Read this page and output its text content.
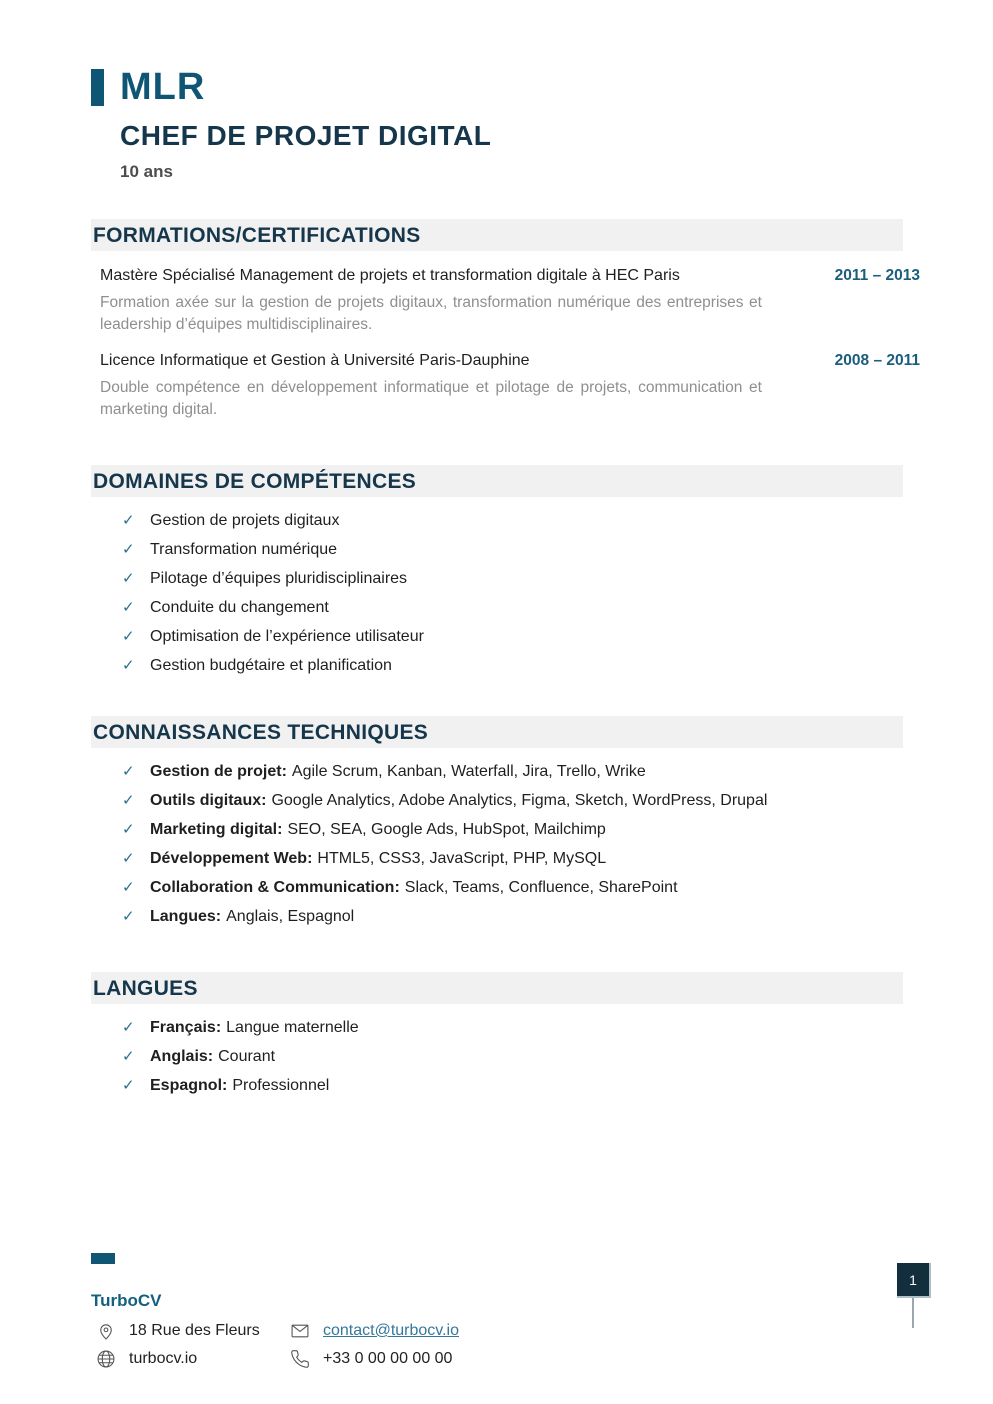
MLR
CHEF DE PROJET DIGITAL
10 ans
FORMATIONS/CERTIFICATIONS
Mastère Spécialisé Management de projets et transformation digitale à HEC Paris	2011 – 2013
Formation axée sur la gestion de projets digitaux, transformation numérique des entreprises et leadership d’équipes multidisciplinaires.
Licence Informatique et Gestion à Université Paris-Dauphine	2008 – 2011
Double compétence en développement informatique et pilotage de projets, communication et marketing digital.
DOMAINES DE COMPÉTENCES
✓ Gestion de projets digitaux
✓ Transformation numérique
✓ Pilotage d’équipes pluridisciplinaires
✓ Conduite du changement
✓ Optimisation de l’expérience utilisateur
✓ Gestion budgétaire et planification
CONNAISSANCES TECHNIQUES
✓ Gestion de projet: Agile Scrum, Kanban, Waterfall, Jira, Trello, Wrike
✓ Outils digitaux: Google Analytics, Adobe Analytics, Figma, Sketch, WordPress, Drupal
✓ Marketing digital: SEO, SEA, Google Ads, HubSpot, Mailchimp
✓ Développement Web: HTML5, CSS3, JavaScript, PHP, MySQL
✓ Collaboration & Communication: Slack, Teams, Confluence, SharePoint
✓ Langues: Anglais, Espagnol
LANGUES
✓ Français: Langue maternelle
✓ Anglais: Courant
✓ Espagnol: Professionnel
TurboCV
18 Rue des Fleurs	contact@turbocv.io
turbocv.io	+33 0 00 00 00 00
1
